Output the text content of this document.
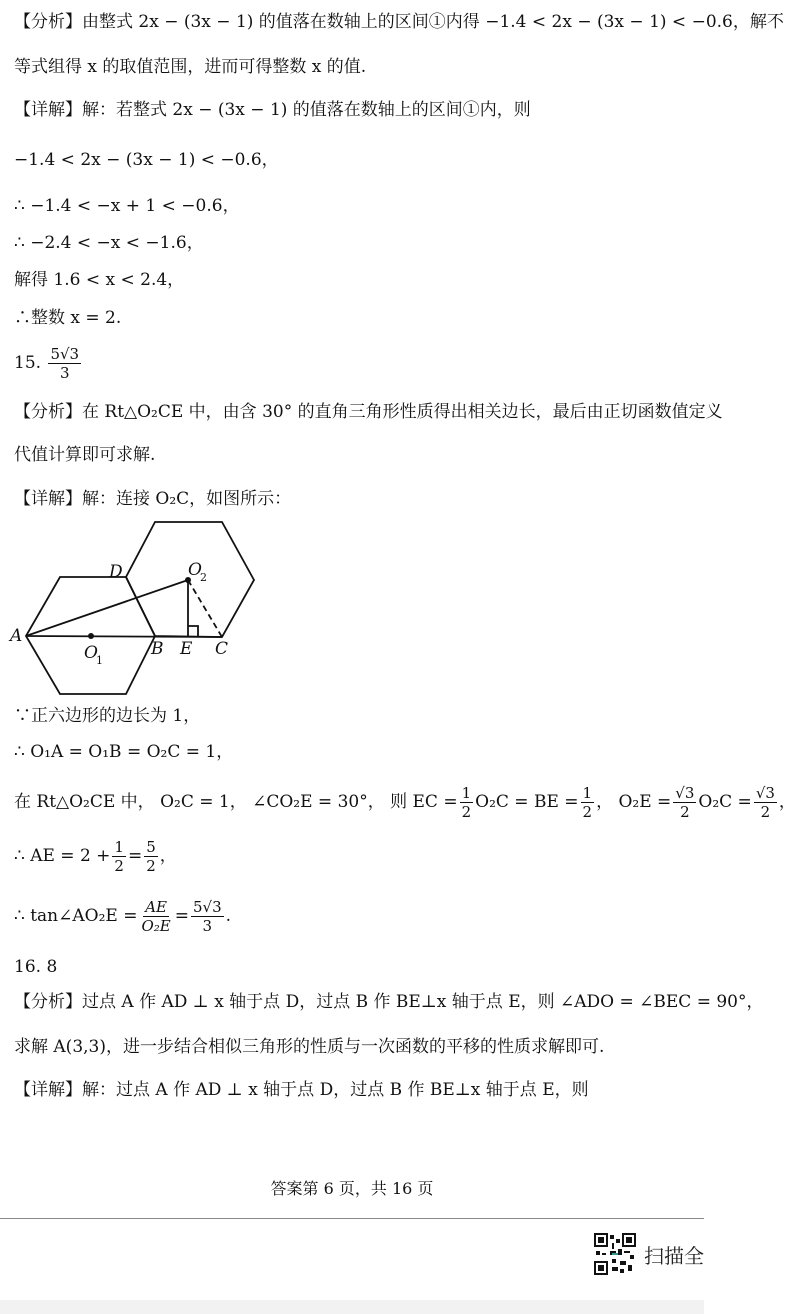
【分析】由整式 2x − (3x − 1) 的值落在数轴上的区间①内得 −1.4 < 2x − (3x − 1) < −0.6，解不
等式组得 x 的取值范围，进而可得整数 x 的值.
【详解】解：若整式 2x − (3x − 1) 的值落在数轴上的区间①内，则
−1.4 < 2x − (3x − 1) < −0.6，
∴ −1.4 < −x + 1 < −0.6，
∴ −2.4 < −x < −1.6，
解得 1.6 < x < 2.4，
∴整数 x = 2.
15. $\frac{5√3}{3}$
【分析】在 Rt△O₂CE 中，由含 30° 的直角三角形性质得出相关边长，最后由正切函数值定义
代值计算即可求解.
【详解】解：连接 O₂C，如图所示：
D	O
2
A
O
1
B E C
∵正六边形的边长为 1，
∴ O₁A = O₁B = O₂C = 1，
在 Rt△O₂CE 中， O₂C = 1， ∠CO₂E = 30°， 则 EC = $\frac{1}{2} O_2C$ = BE = $\frac{1}{2}$ ， $O_2E = \frac{√3}{2} O_2C = \frac{√3}{2}$ ，
∴ AE = $2 + \frac{1}{2} = \frac{5}{2}$ ，
∴ tan∠AO₂E = $\frac{AE}{\text{O₂E}} = \frac{5√3}{3}$ .
16. 8
【分析】过点 A 作 AD ⊥ x 轴于点 D，过点 B 作 BE⊥x 轴于点 E，则 ∠ADO = ∠BEC = 90°，
求解 A(3,3)，进一步结合相似三角形的性质与一次函数的平移的性质求解即可.
【详解】解：过点 A 作 AD ⊥ x 轴于点 D，过点 B 作 BE⊥x 轴于点 E，则
答案第 6 页，共 16 页
扫描全
